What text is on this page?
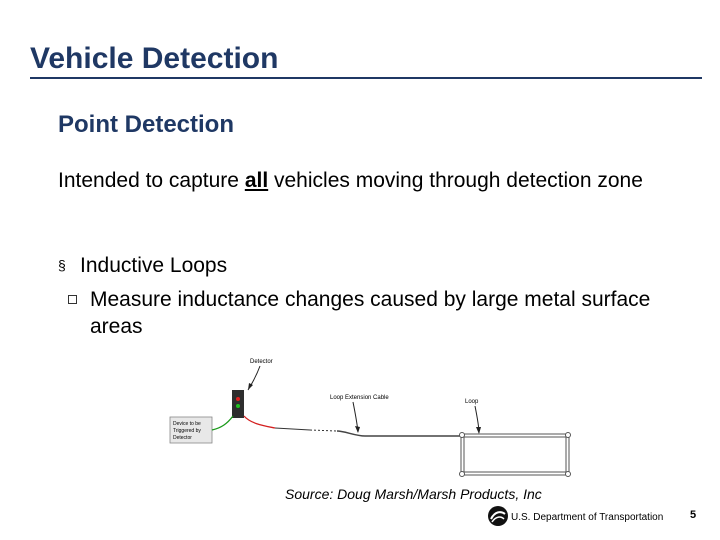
Vehicle Detection
Point Detection
Intended to capture all vehicles moving through detection zone
§ Inductive Loops
Measure inductance changes caused by large metal surface areas
Detector
Device to be
Triggered by
Detector
Loop Extension Cable
Loop
Source: Doug Marsh/Marsh Products, Inc
U.S. Department of Transportation 5
